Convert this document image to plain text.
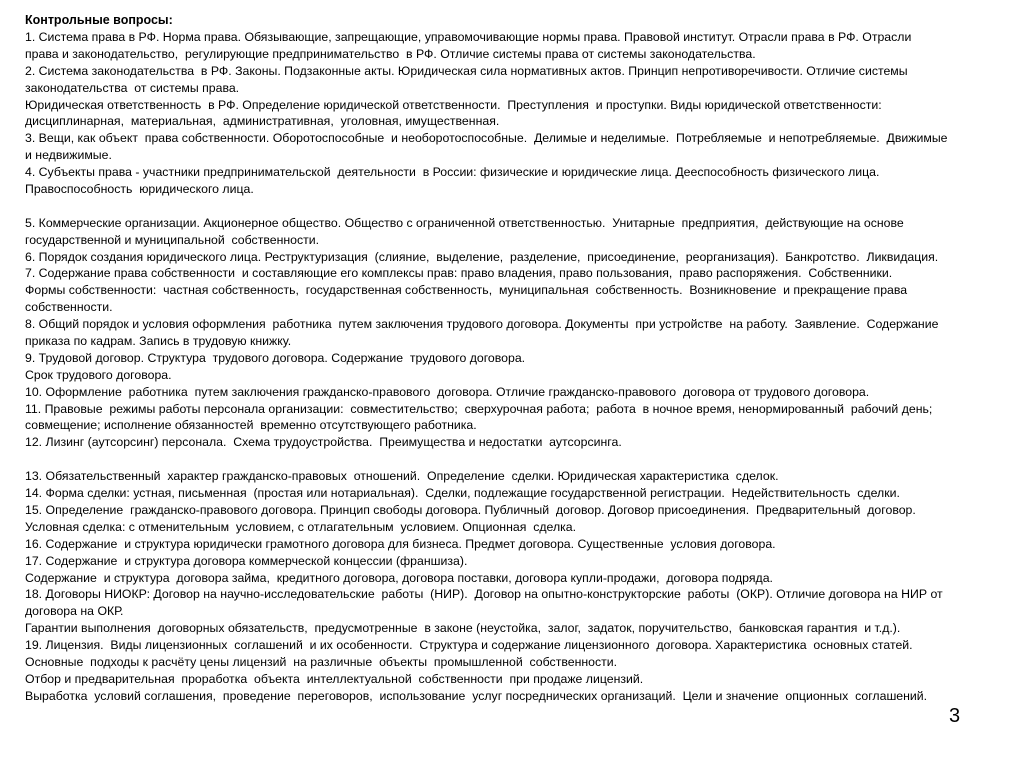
Контрольные вопросы:

1. Система права в РФ. Норма права. Обязывающие, запрещающие, управомочивающие нормы права. Правовой институт. Отрасли права в РФ. Отрасли
права и законодательство,  регулирующие предпринимательство  в РФ. Отличие системы права от системы законодательства.
2. Система законодательства  в РФ. Законы. Подзаконные акты. Юридическая сила нормативных актов. Принцип непротиворечивости. Отличие системы
законодательства  от системы права.
Юридическая ответственность  в РФ. Определение юридической ответственности.  Преступления  и проступки. Виды юридической ответственности:
дисциплинарная,  материальная,  административная,  уголовная, имущественная.
3. Вещи, как объект  права собственности. Оборотоспособные  и необоротоспособные.  Делимые и неделимые.  Потребляемые  и непотребляемые.  Движимые
и недвижимые.
4. Субъекты права - участники предпринимательской  деятельности  в России: физические и юридические лица. Дееспособность физического лица.
Правоспособность  юридического лица.
5. Коммерческие организации. Акционерное общество. Общество с ограниченной ответственностью.  Унитарные  предприятия,  действующие на основе
государственной и муниципальной  собственности.
6. Порядок создания юридического лица. Реструктуризация  (слияние,  выделение,  разделение,  присоединение,  реорганизация).  Банкротство.  Ликвидация.
7. Содержание права собственности  и составляющие его комплексы прав: право владения, право пользования,  право распоряжения.  Собственники.
Формы собственности:  частная собственность,  государственная собственность,  муниципальная  собственность.  Возникновение  и прекращение права
собственности.
8. Общий порядок и условия оформления  работника  путем заключения трудового договора. Документы  при устройстве  на работу.  Заявление.  Содержание
приказа по кадрам. Запись в трудовую книжку.
9. Трудовой договор. Структура  трудового договора. Содержание  трудового договора.
Срок трудового договора.
10. Оформление  работника  путем заключения гражданско-правового  договора. Отличие гражданско-правового  договора от трудового договора.
11. Правовые  режимы работы персонала организации:  совместительство;  сверхурочная работа;  работа  в ночное время, ненормированный  рабочий день;
совмещение; исполнение обязанностей  временно отсутствующего работника.
12. Лизинг (аутсорсинг) персонала.  Схема трудоустройства.  Преимущества и недостатки  аутсорсинга.
13. Обязательственный  характер гражданско-правовых  отношений.  Определение  сделки. Юридическая характеристика  сделок.
14. Форма сделки: устная, письменная  (простая или нотариальная).  Сделки, подлежащие государственной регистрации.  Недействительность  сделки.
15. Определение  гражданско-правового договора. Принцип свободы договора. Публичный  договор. Договор присоединения.  Предварительный  договор.
Условная сделка: с отменительным  условием, с отлагательным  условием. Опционная  сделка.
16. Содержание  и структура юридически грамотного договора для бизнеса. Предмет договора. Существенные  условия договора.
17. Содержание  и структура договора коммерческой концессии (франшиза).
Содержание  и структура  договора займа,  кредитного договора, договора поставки, договора купли-продажи,  договора подряда.
18. Договоры НИОКР: Договор на научно-исследовательские  работы  (НИР).  Договор на опытно-конструкторские  работы  (ОКР). Отличие договора на НИР от
договора на ОКР.
Гарантии выполнения  договорных обязательств,  предусмотренные  в законе (неустойка,  залог,  задаток, поручительство,  банковская гарантия  и т.д.).
19. Лицензия.  Виды лицензионных  соглашений  и их особенности.  Структура и содержание лицензионного  договора. Характеристика  основных статей.
Основные  подходы к расчёту цены лицензий  на различные  объекты  промышленной  собственности.
Отбор и предварительная  проработка  объекта  интеллектуальной  собственности  при продаже лицензий.
Выработка  условий соглашения,  проведение  переговоров,  использование  услуг посреднических организаций.  Цели и значение  опционных  соглашений.
3
